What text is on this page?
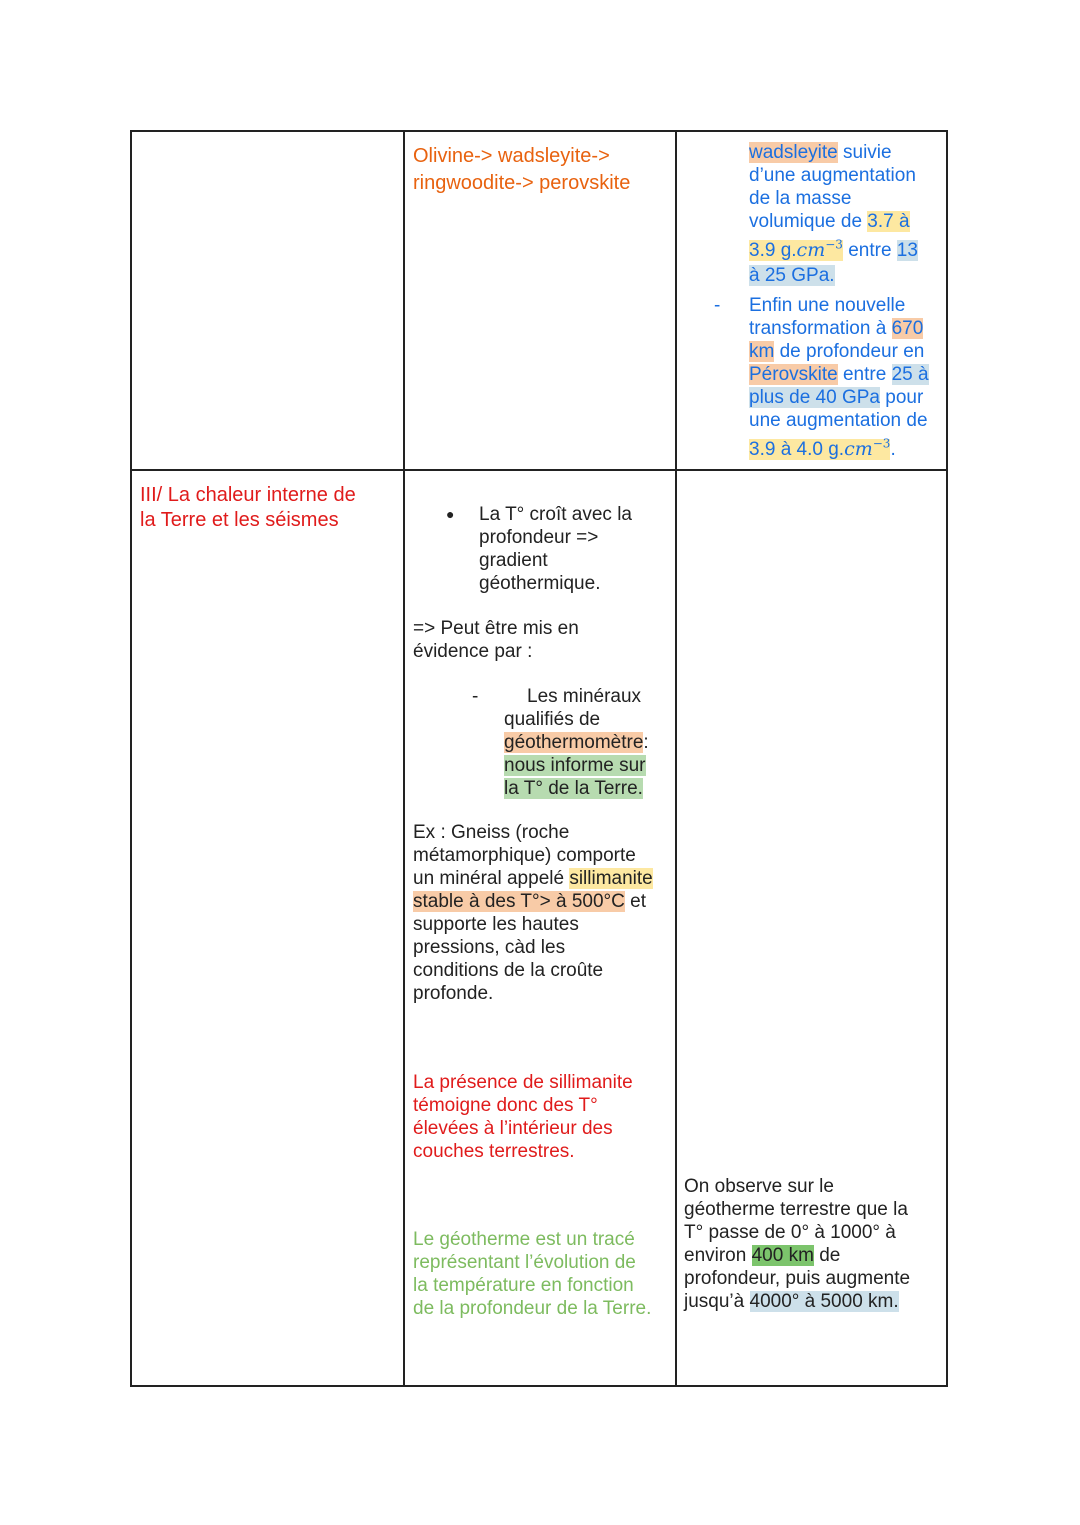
Olivine-> wadsleyite->
ringwoodite-> perovskite
wadsleyite suivie
d’une augmentation
de la masse
volumique de 3.7 à
3.9 $g.cm^{-3}$ entre 13
à 25 GPa.
- Enfin une nouvelle
transformation à 670
km de profondeur en
Pérovskite entre 25 à
plus de 40 GPa pour
une augmentation de
3.9 à 4.0 $g.cm^{-3}$.
III/ La chaleur interne de
la Terre et les séismes	● La T° croît avec la
profondeur =>
gradient
géothermique.
=> Peut être mis en
évidence par :
-	Les minéraux
qualifiés de
géothermomètre:
nous informe sur
la T° de la Terre.
Ex : Gneiss (roche
métamorphique) comporte
un minéral appelé sillimanite
stable à des T°> à 500°C et
supporte les hautes
pressions, càd les
conditions de la croûte
profonde.
La présence de sillimanite
témoigne donc des T°
élevées à l’intérieur des
couches terrestres.
Le géotherme est un tracé
représentant l’évolution de
la température en fonction
de la profondeur de la Terre.
On observe sur le
géotherme terrestre que la
T° passe de 0° à 1000° à
environ 400 km de
profondeur, puis augmente
jusqu’à 4000° à 5000 km.
